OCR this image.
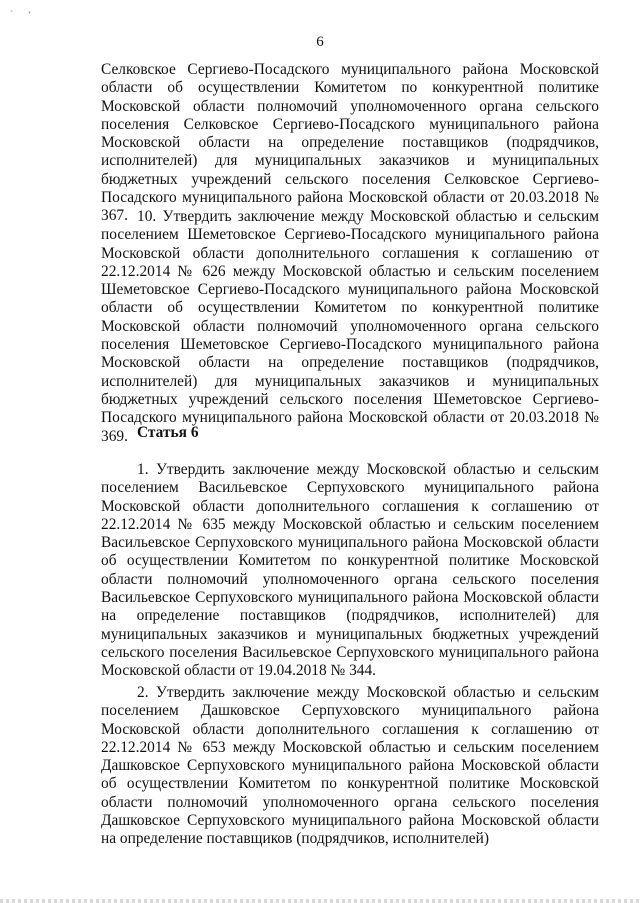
` ‘
6

Селковское Сергиево-Посадского муниципального района Московской области об осуществлении Комитетом по конкурентной политике Московской области полномочий уполномоченного органа сельского поселения Селковское Сергиево-Посадского муниципального района Московской области на определение поставщиков (подрядчиков, исполнителей) для муниципальных заказчиков и муниципальных бюджетных учреждений сельского поселения Селковское Сергиево-Посадского муниципального района Московской области от 20.03.2018 № 367. 10. Утвердить заключение между Московской областью и сельским поселением Шеметовское Сергиево-Посадского муниципального района Московской области дополнительного соглашения к соглашению от 22.12.2014 № 626 между Московской областью и сельским поселением Шеметовское Сергиево-Посадского муниципального района Московской области об осуществлении Комитетом по конкурентной политике Московской области полномочий уполномоченного органа сельского поселения Шеметовское Сергиево-Посадского муниципального района Московской области на определение поставщиков (подрядчиков, исполнителей) для муниципальных заказчиков и муниципальных бюджетных учреждений сельского поселения Шеметовское Сергиево-Посадского муниципального района Московской области от 20.03.2018 № 369. Статья 6

1. Утвердить заключение между Московской областью и сельским поселением Васильевское Серпуховского муниципального района Московской области дополнительного соглашения к соглашению от 22.12.2014 № 635 между Московской областью и сельским поселением Васильевское Серпуховского муниципального района Московской области об осуществлении Комитетом по конкурентной политике Московской области полномочий уполномоченного органа сельского поселения Васильевское Серпуховского муниципального района Московской области на определение поставщиков (подрядчиков, исполнителей) для муниципальных заказчиков и муниципальных бюджетных учреждений сельского поселения Васильевское Серпуховского муниципального района Московской области от 19.04.2018 № 344.

2. Утвердить заключение между Московской областью и сельским поселением Дашковское Серпуховского муниципального района Московской области дополнительного соглашения к соглашению от 22.12.2014 № 653 между Московской областью и сельским поселением Дашковское Серпуховского муниципального района Московской области об осуществлении Комитетом по конкурентной политике Московской области полномочий уполномоченного органа сельского поселения Дашковское Серпуховского муниципального района Московской области на определение поставщиков (подрядчиков, исполнителей)
